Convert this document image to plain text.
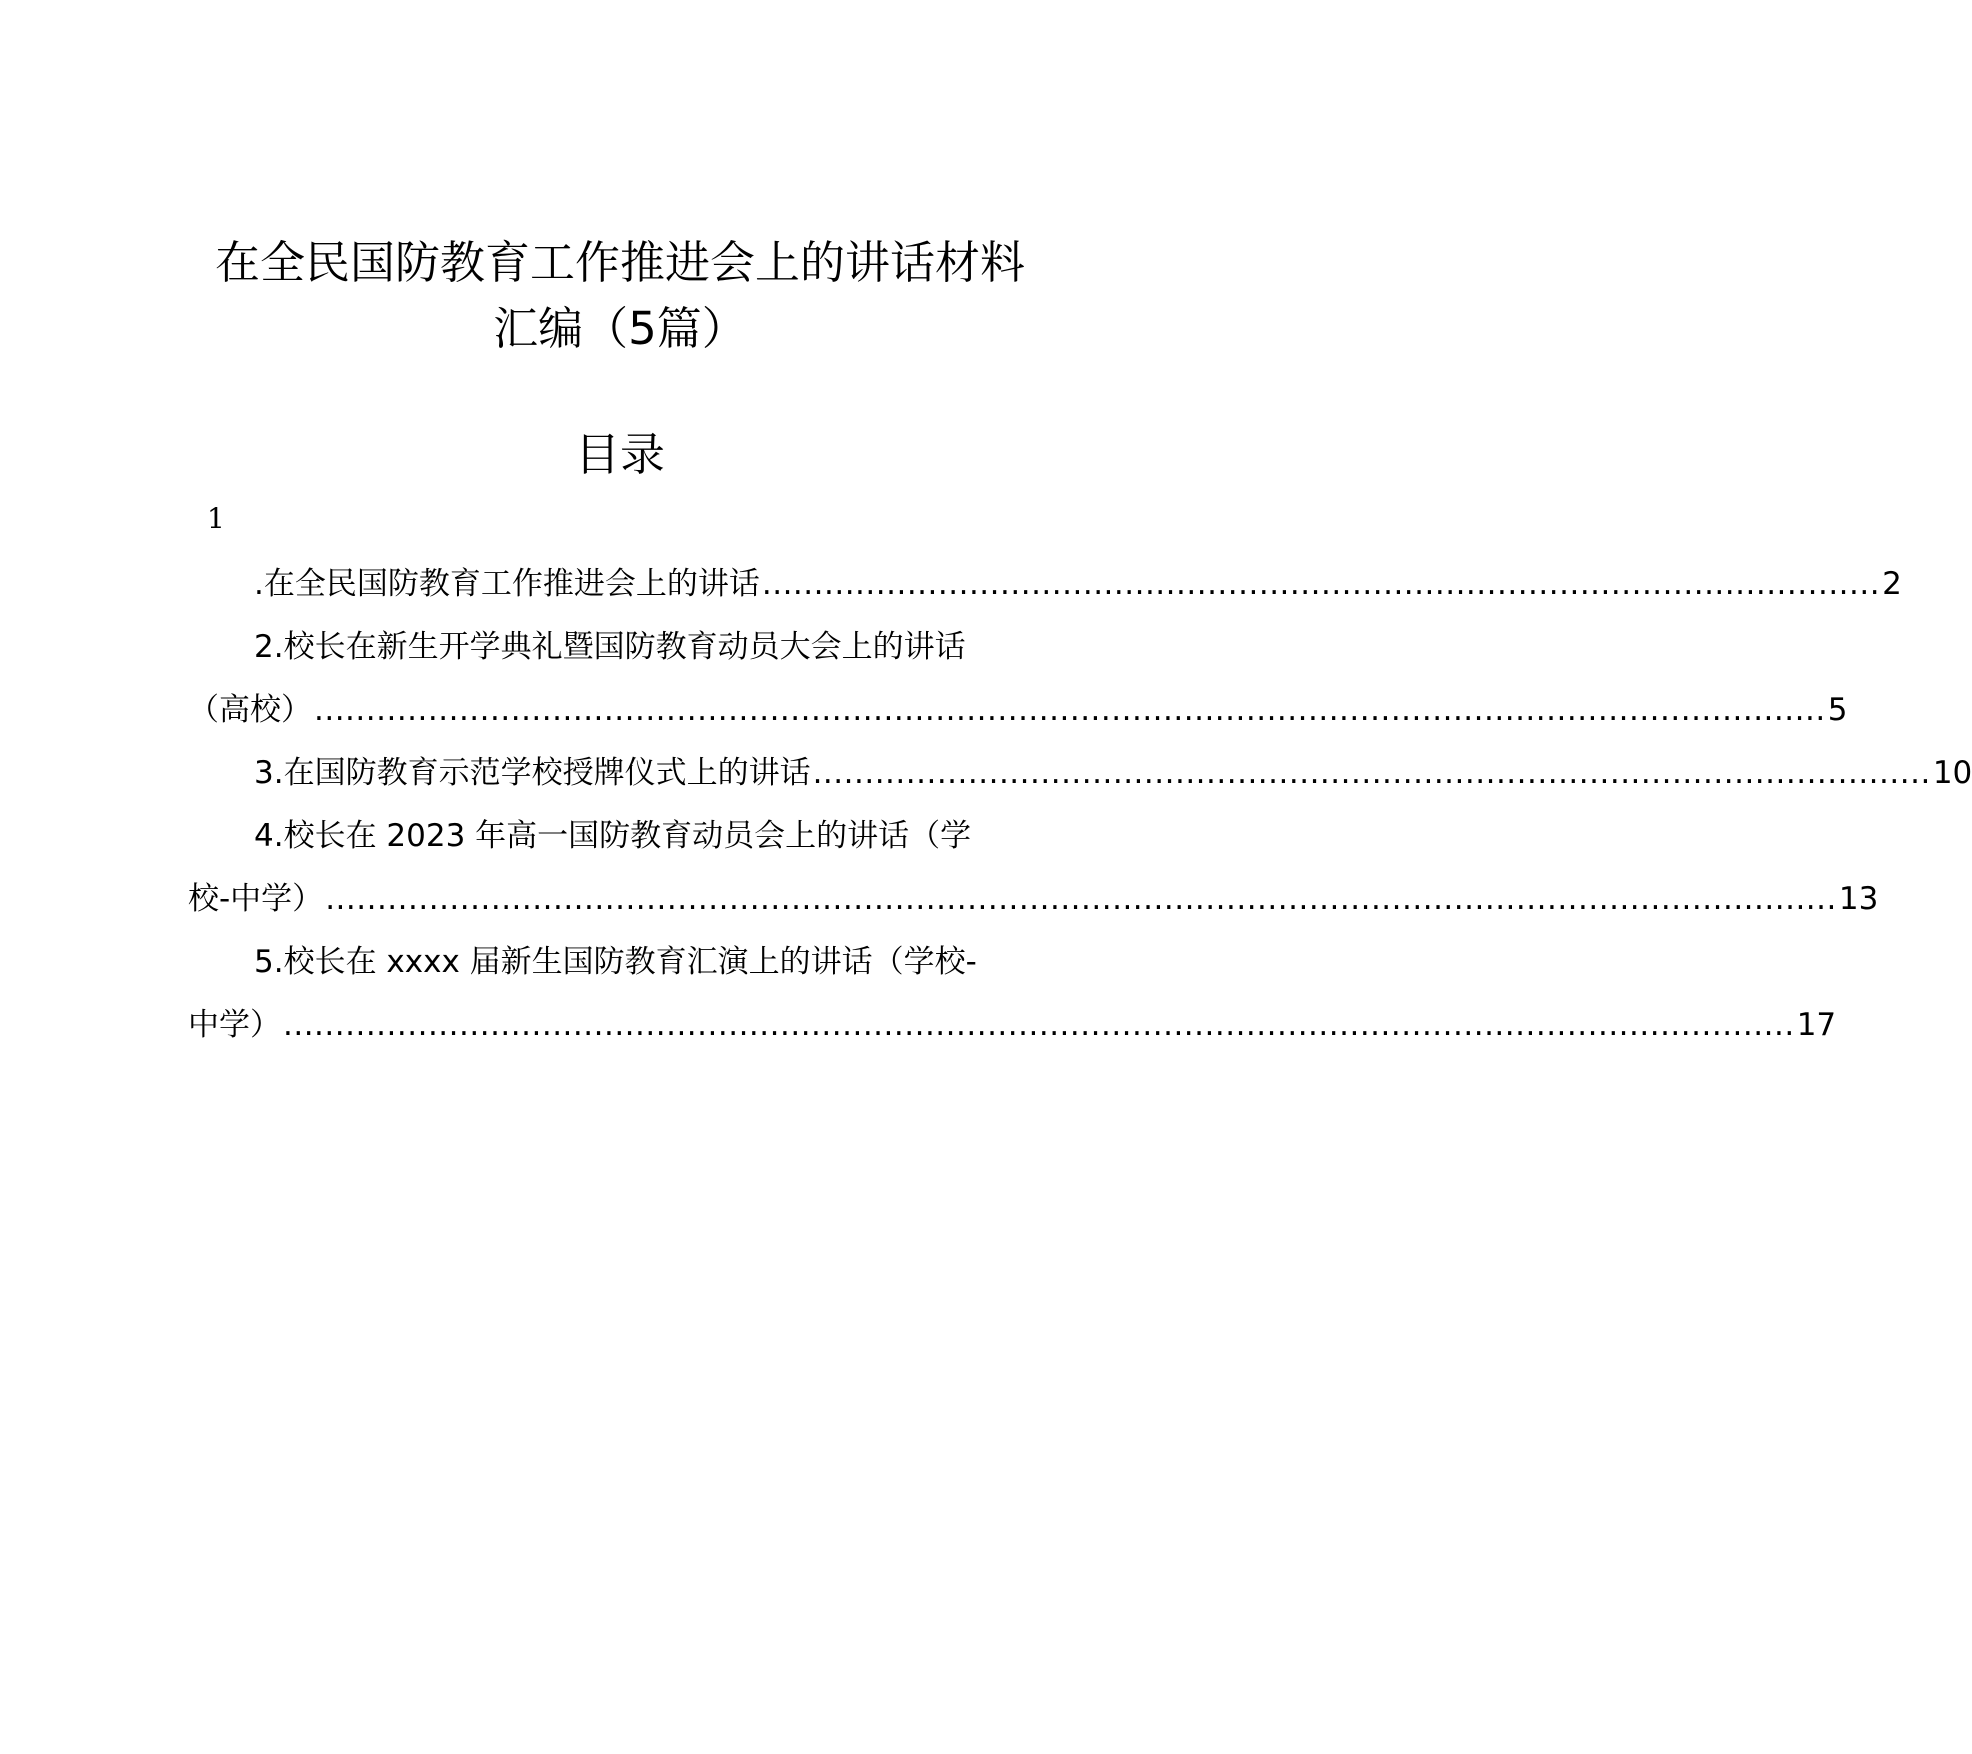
在全民国防教育工作推进会上的讲话材料
汇编（5篇）
目录
1
.在全民国防教育工作推进会上的讲话 ............................................................................................................ 2
2.校长在新生开学典礼暨国防教育动员大会上的讲话
（高校） .................................................................................................................................................. 5
3.在国防教育示范学校授牌仪式上的讲话 ............................................................................................................ 10
4.校长在 2023 年高一国防教育动员会上的讲话（学
校-中学） .................................................................................................................................................. 13
5.校长在 xxxx 届新生国防教育汇演上的讲话（学校-
中学） .................................................................................................................................................. 17
